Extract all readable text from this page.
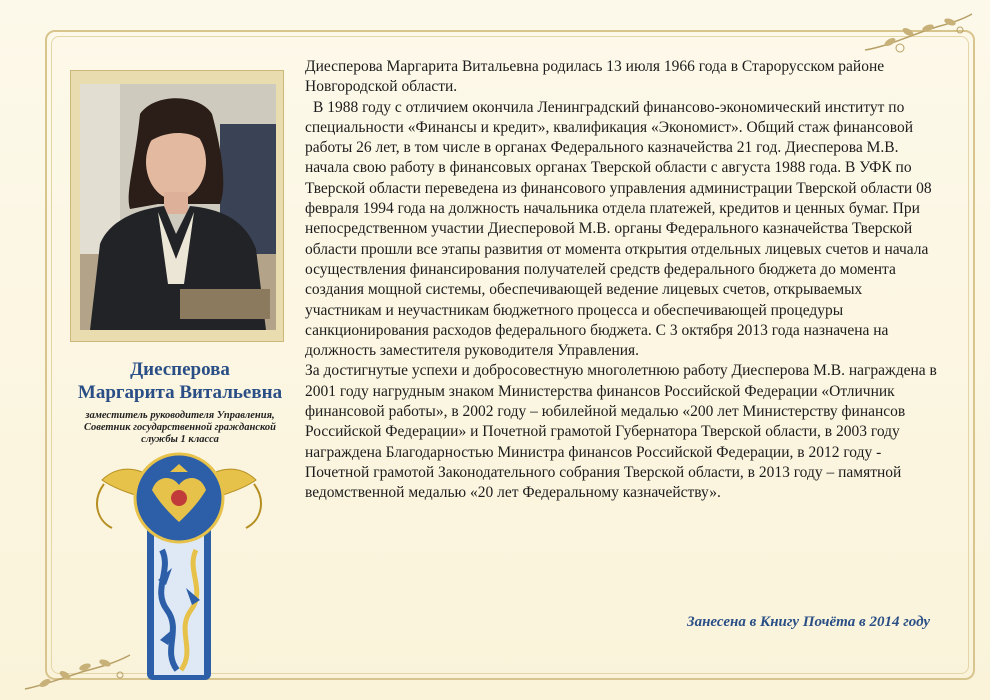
Диесперова
Маргарита Витальевна
заместитель руководителя Управления,
Советник государственной гражданской
службы 1 класса

Диесперова Маргарита Витальевна родилась 13 июля 1966 года в Старорусском районе Новгородской области.

В 1988 году с отличием окончила Ленинградский финансово-экономический институт по специальности «Финансы и кредит», квалификация «Экономист». Общий стаж финансовой работы 26 лет, в том числе в органах Федерального казначейства 21 год. Диесперова М.В. начала свою работу в финансовых органах Тверской области с августа 1988 года. В УФК по Тверской области переведена из финансового управления администрации Тверской области 08 февраля 1994 года на должность начальника отдела платежей, кредитов и ценных бумаг. При непосредственном участии Диесперовой М.В. органы Федерального казначейства Тверской области прошли все этапы развития от момента открытия отдельных лицевых счетов и начала осуществления финансирования получателей средств федерального бюджета до момента создания мощной системы, обеспечивающей ведение лицевых счетов, открываемых участникам и неучастникам бюджетного процесса и обеспечивающей процедуры санкционирования расходов федерального бюджета. С 3 октября 2013 года назначена на должность заместителя руководителя Управления.

За достигнутые успехи и добросовестную многолетнюю работу Диесперова М.В. награждена в 2001 году нагрудным знаком Министерства финансов Российской Федерации «Отличник финансовой работы», в 2002 году – юбилейной медалью «200 лет Министерству финансов Российской Федерации» и Почетной грамотой Губернатора Тверской области, в 2003 году награждена Благодарностью Министра финансов Российской Федерации, в 2012 году - Почетной грамотой Законодательного собрания Тверской области, в 2013 году – памятной ведомственной медалью «20 лет Федеральному казначейству».

Занесена в Книгу Почёта в 2014 году
